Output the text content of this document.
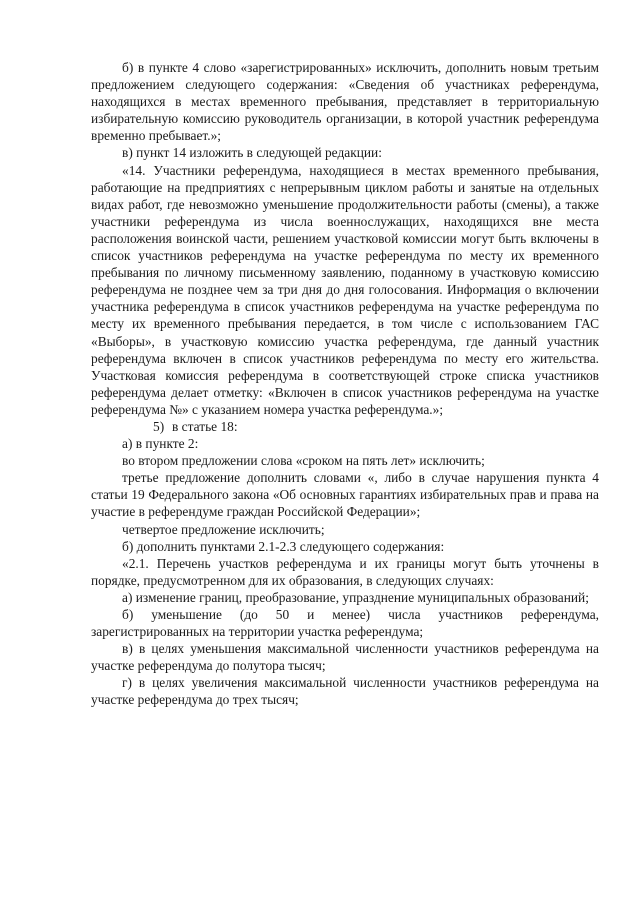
б) в пункте 4 слово «зарегистрированных» исключить, дополнить новым третьим предложением следующего содержания: «Сведения об участниках референдума, находящихся в местах временного пребывания, представляет в территориальную избирательную комиссию руководитель организации, в которой участник референдума временно пребывает.»;

в) пункт 14 изложить в следующей редакции:

«14. Участники референдума, находящиеся в местах временного пребывания, работающие на предприятиях с непрерывным циклом работы и занятые на отдельных видах работ, где невозможно уменьшение продолжительности работы (смены), а также участники референдума из числа военнослужащих, находящихся вне места расположения воинской части, решением участковой комиссии могут быть включены в список участников референдума на участке референдума по месту их временного пребывания по личному письменному заявлению, поданному в участковую комиссию референдума не позднее чем за три дня до дня голосования. Информация о включении участника референдума в список участников референдума на участке референдума по месту их временного пребывания передается, в том числе с использованием ГАС «Выборы», в участковую комиссию участка референдума, где данный участник референдума включен в список участников референдума по месту его жительства. Участковая комиссия референдума в соответствующей строке списка участников референдума делает отметку: «Включен в список участников референдума на участке референдума №» с указанием номера участка референдума.»;

5) в статье 18:

а) в пункте 2:

во втором предложении слова «сроком на пять лет» исключить;

третье предложение дополнить словами «, либо в случае нарушения пункта 4 статьи 19 Федерального закона «Об основных гарантиях избирательных прав и права на участие в референдуме граждан Российской Федерации»;

четвертое предложение исключить;

б) дополнить пунктами 2.1-2.3 следующего содержания:

«2.1. Перечень участков референдума и их границы могут быть уточнены в порядке, предусмотренном для их образования, в следующих случаях:

а) изменение границ, преобразование, упразднение муниципальных образований;

б) уменьшение (до 50 и менее) числа участников референдума, зарегистрированных на территории участка референдума;

в) в целях уменьшения максимальной численности участников референдума на участке референдума до полутора тысяч;

г) в целях увеличения максимальной численности участников референдума на участке референдума до трех тысяч;
